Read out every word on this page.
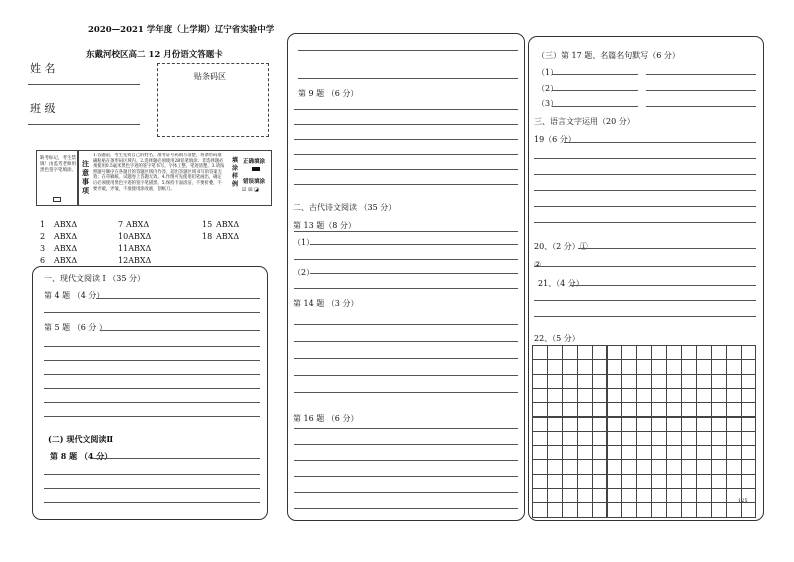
2020—2021 学年度（上学期）辽宁省实验中学
东戴河校区高二 12 月份语文答题卡
姓 名
班 级
贴条码区
缺考标记，考生禁填！由监考老师用黑色签字笔填涂。
注意事项
1.答题前，考生先将自己的姓名，准考证号码填写清楚，将条形码准确粘贴在条形码区域内。2.选择题必须使用2B铅笔填涂；非选择题必须使用0.5毫米黑色字迹的签字笔书写，字体工整，笔迹清楚。3.请按照题号顺序在各题目的答题区域内作答，超出答题区域书写的答案无效；在草稿纸、试题卷上答题无效。4.作图可先使用铅笔画出，确定后必须使用黑色字迹的签字笔描黑。5.保持卡面清洁，不要折叠，不要弄破，弄皱，不准使用涂改液、刮纸刀。
填涂样例
正确填涂
错误填涂
☑ ☒ ◪
1 ABXΔ
2 ABXΔ
3 ABXΔ
6 ABXΔ
7 ABXΔ
10ABXΔ
11ABXΔ
12ABXΔ
15 ABXΔ
18 ABXΔ
一、现代文阅读 I （35 分）
第 4 题 （4 分）
第 5 题 （6 分 ）
(二) 现代文阅读Ⅱ
第 8 题 （4 分）
第 9 题 （6 分）
二、古代诗文阅读 （35 分）
第 13 题（8 分）
（1）
（2）
第 14 题 （3 分）
第 16 题 （6 分）
（三）第 17 题、名篇名句默写（6 分）
（1）
（2）
（3）
三、语言文字运用（20 分）
19（6 分）
20、（2 分）①
②
21、（4 分）
22、（5 分）
125
